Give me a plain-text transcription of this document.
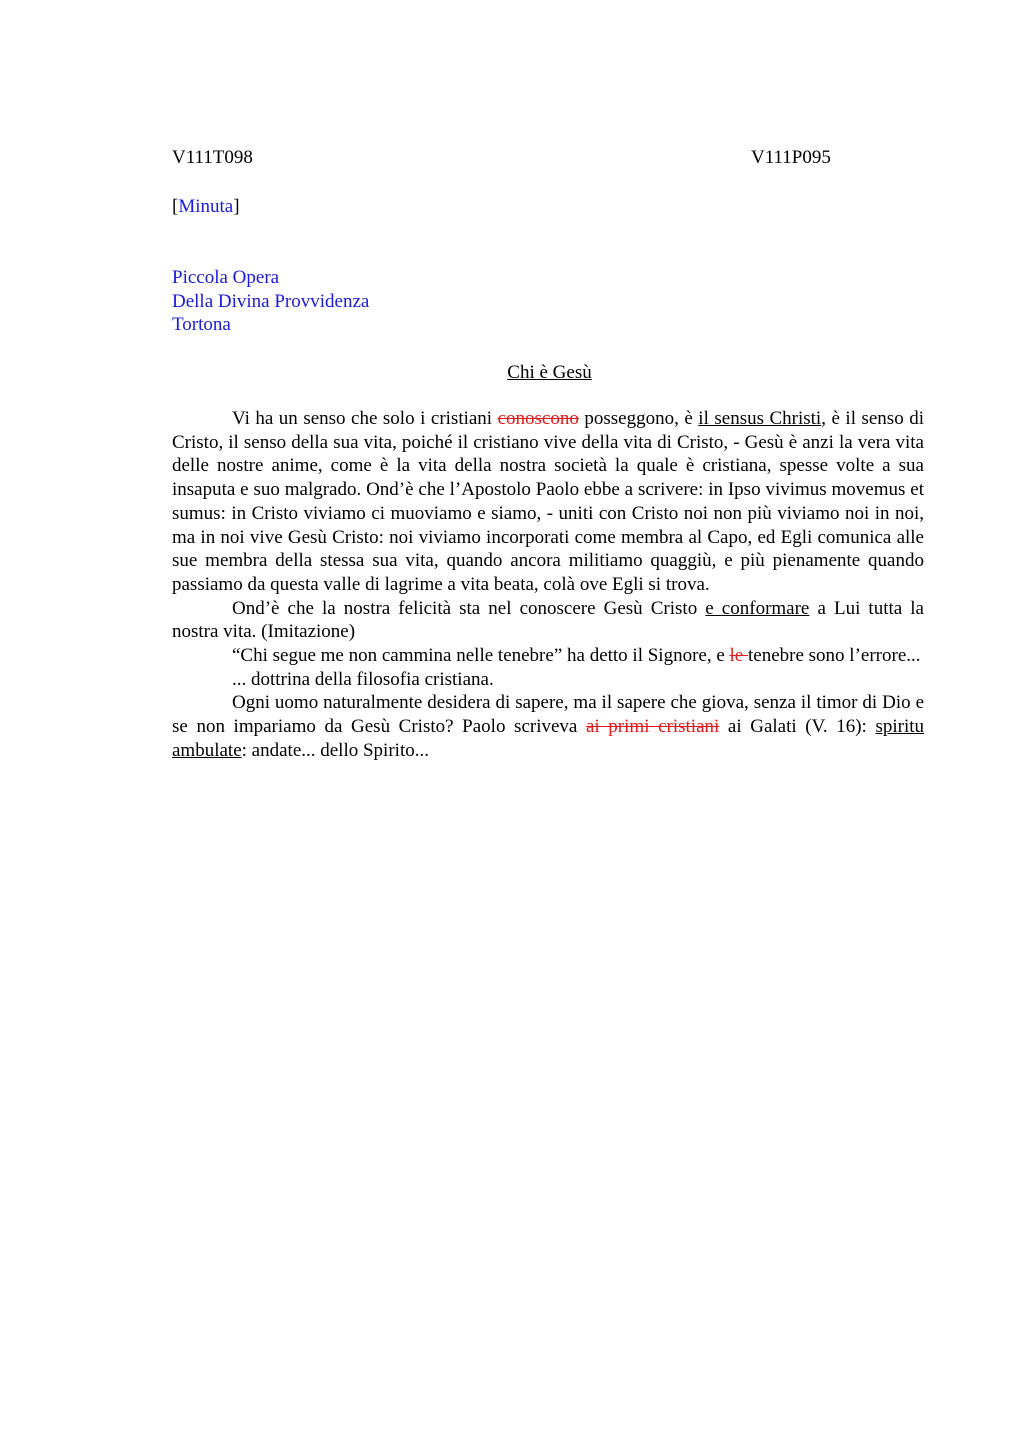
V111T098	V111P095
[Minuta]
Piccola Opera
Della Divina Provvidenza
Tortona
Chi è Gesù

Vi ha un senso che solo i cristiani conoscono posseggono, è il sensus Christi, è il senso di Cristo, il senso della sua vita, poiché il cristiano vive della vita di Cristo, - Gesù è anzi la vera vita delle nostre anime, come è la vita della nostra società la quale è cristiana, spesse volte a sua insaputa e suo malgrado. Ond’è che l’Apostolo Paolo ebbe a scrivere: in Ipso vivimus movemus et sumus: in Cristo viviamo ci muoviamo e siamo, - uniti con Cristo noi non più viviamo noi in noi, ma in noi vive Gesù Cristo: noi viviamo incorporati come membra al Capo, ed Egli comunica alle sue membra della stessa sua vita, quando ancora militiamo quaggiù, e più pienamente quando passiamo da questa valle di lagrime a vita beata, colà ove Egli si trova.

Ond’è che la nostra felicità sta nel conoscere Gesù Cristo e conformare a Lui tutta la nostra vita. (Imitazione)

“Chi segue me non cammina nelle tenebre” ha detto il Signore, e le tenebre sono l’errore...

... dottrina della filosofia cristiana.

Ogni uomo naturalmente desidera di sapere, ma il sapere che giova, senza il timor di Dio e se non impariamo da Gesù Cristo? Paolo scriveva ai primi cristiani ai Galati (V. 16): spiritu ambulate: andate... dello Spirito...
